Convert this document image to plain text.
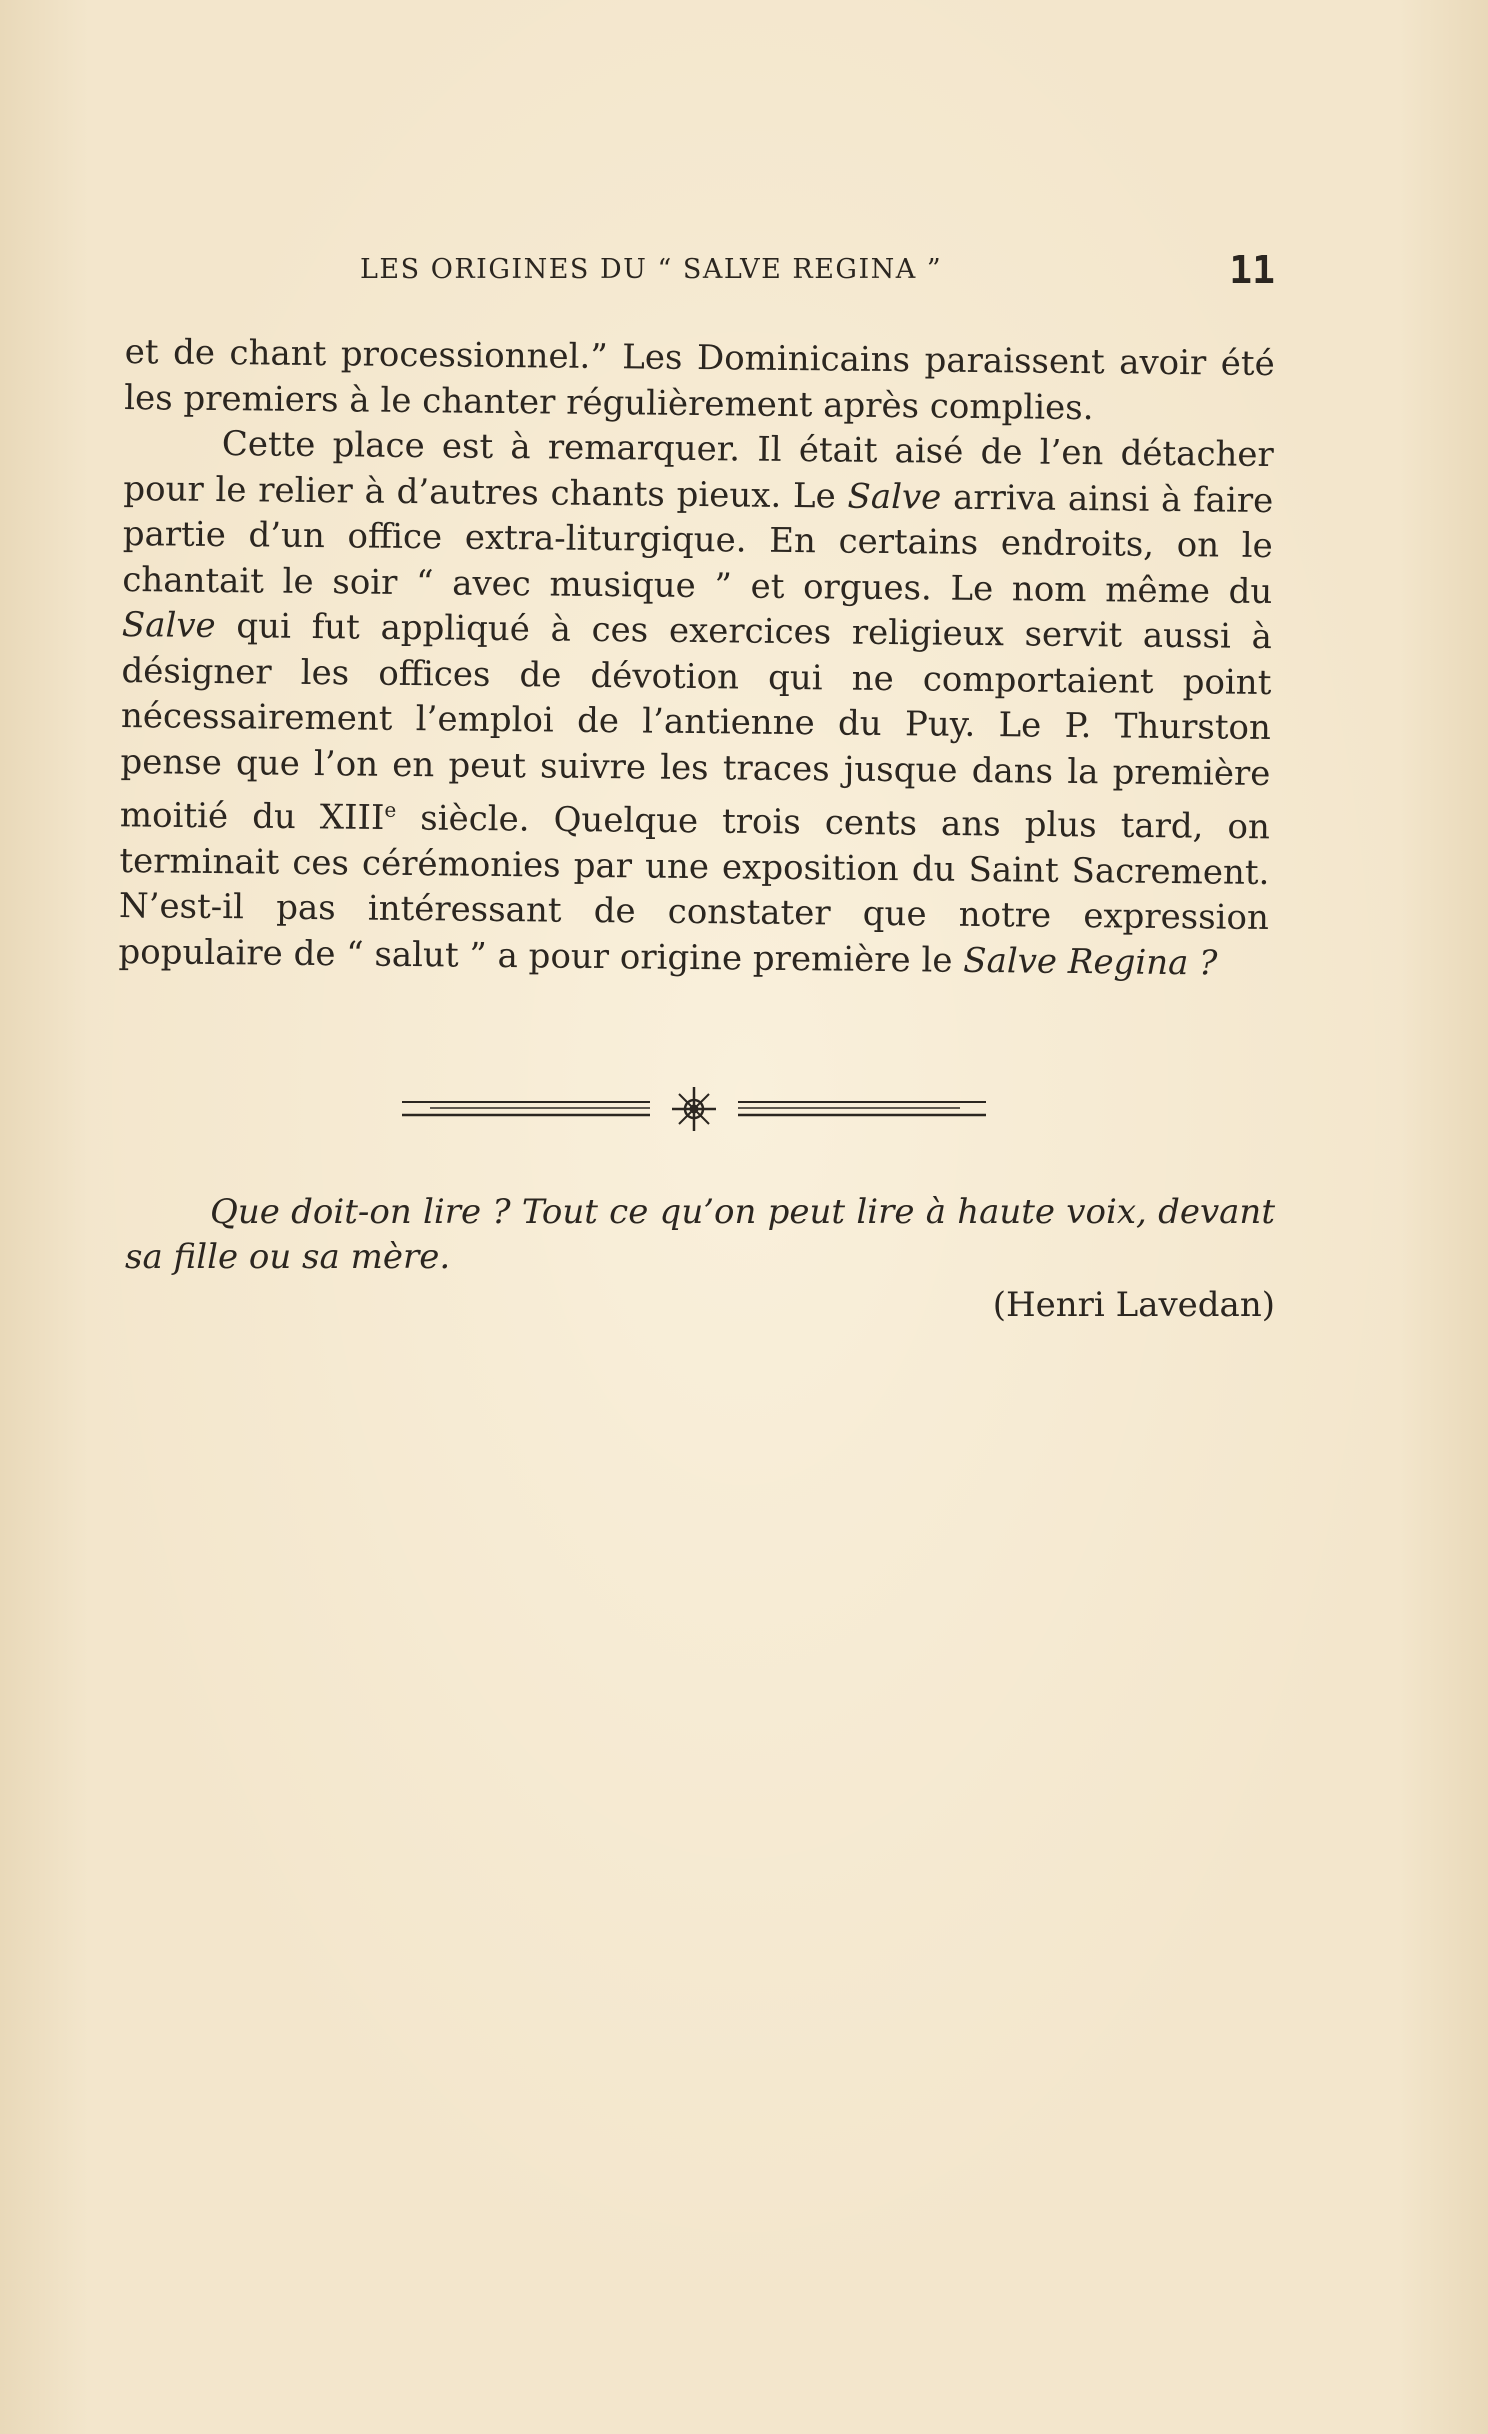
LES ORIGINES DU “ SALVE REGINA ”	11

et de chant processionnel.” Les Dominicains paraissent avoir été les premiers à le chanter régulièrement après complies.

Cette place est à remarquer. Il était aisé de l’en détacher pour le relier à d’autres chants pieux. Le Salve arriva ainsi à faire partie d’un office extra-liturgique. En certains endroits, on le chantait le soir “ avec musique ” et orgues. Le nom même du Salve qui fut appliqué à ces exercices religieux servit aussi à désigner les offices de dévotion qui ne comportaient point nécessairement l’emploi de l’antienne du Puy. Le P. Thurston pense que l’on en peut suivre les traces jusque dans la première moitié du XIIIe siècle. Quelque trois cents ans plus tard, on terminait ces cérémonies par une exposition du Saint Sacrement. N’est-il pas intéressant de constater que notre expression populaire de “ salut ” a pour origine première le Salve Regina ?

Que doit-on lire ? Tout ce qu’on peut lire à haute voix, devant sa fille ou sa mère.

(Henri Lavedan)
